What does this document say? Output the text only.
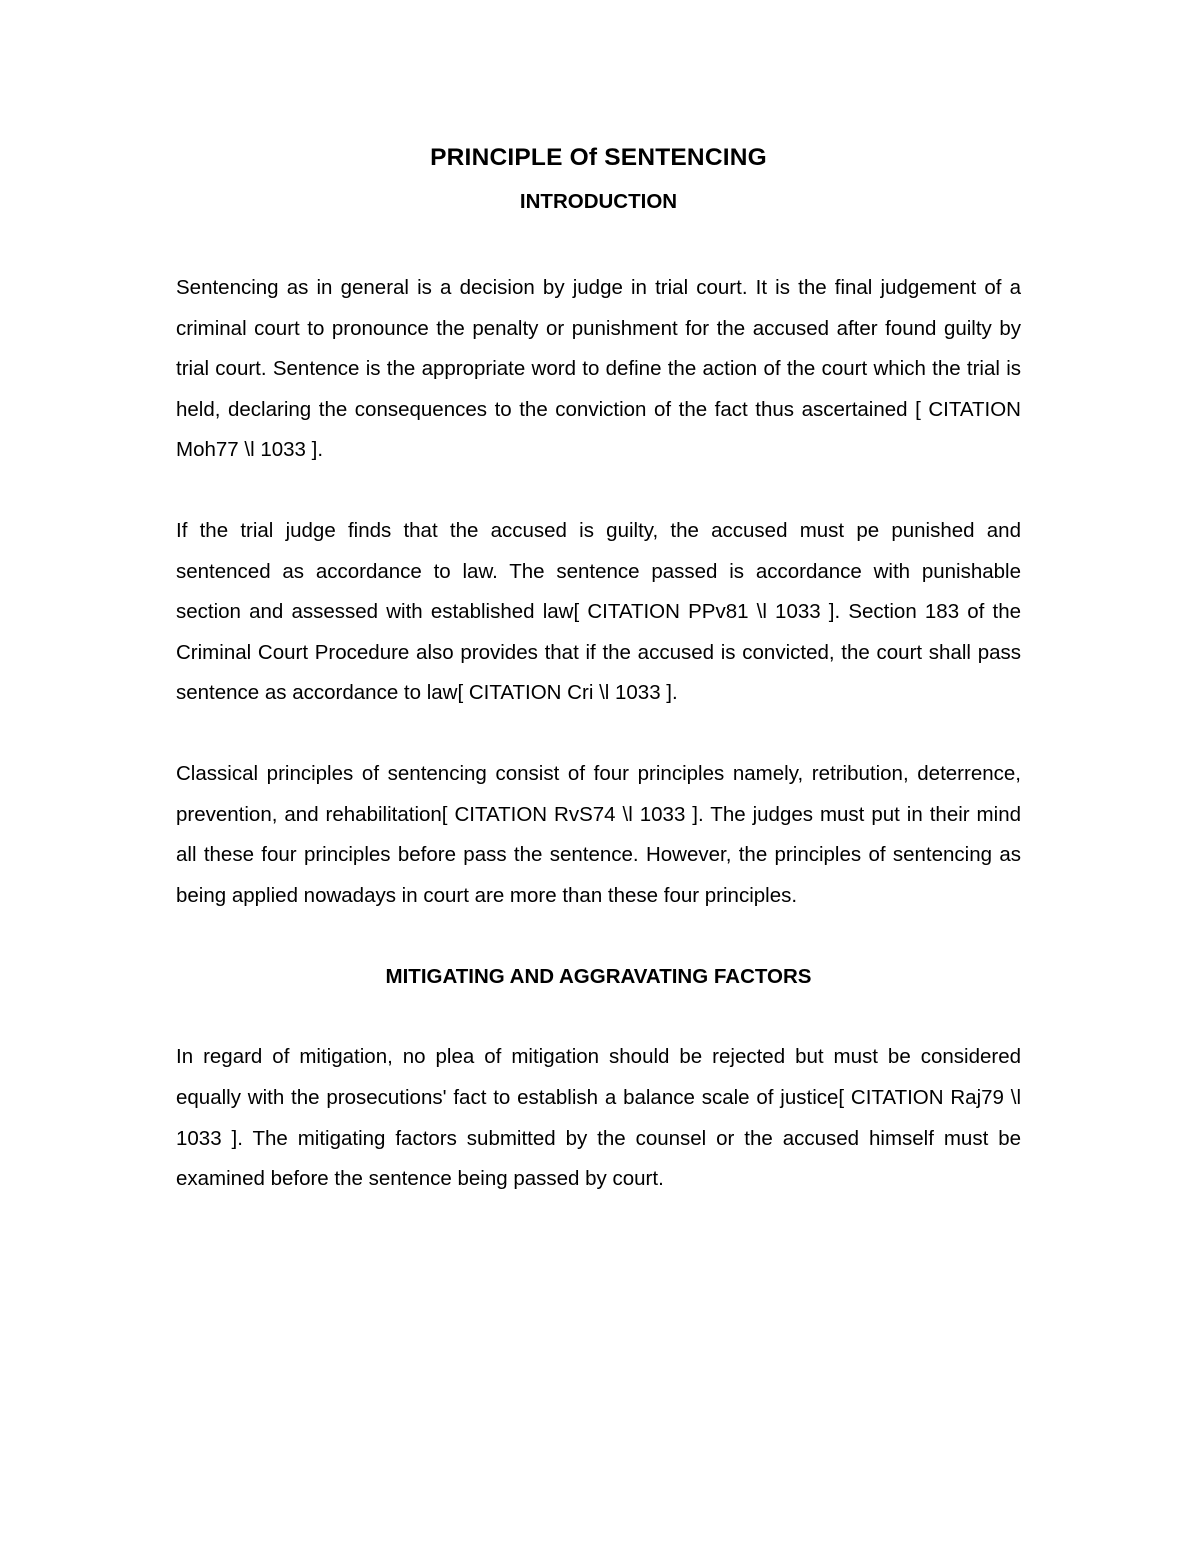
PRINCIPLE Of SENTENCING
INTRODUCTION

Sentencing as in general is a decision by judge in trial court. It is the final judgement of a criminal court to pronounce the penalty or punishment for the accused after found guilty by trial court. Sentence is the appropriate word to define the action of the court which the trial is held, declaring the consequences to the conviction of the fact thus ascertained [ CITATION Moh77 \l 1033 ].

If the trial judge finds that the accused is guilty, the accused must pe punished and sentenced as accordance to law. The sentence passed is accordance with punishable section and assessed with established law[ CITATION PPv81 \l 1033 ]. Section 183 of the Criminal Court Procedure also provides that if the accused is convicted, the court shall pass sentence as accordance to law[ CITATION Cri \l 1033 ].

Classical principles of sentencing consist of four principles namely, retribution, deterrence, prevention, and rehabilitation[ CITATION RvS74 \l 1033 ]. The judges must put in their mind all these four principles before pass the sentence. However, the principles of sentencing as being applied nowadays in court are more than these four principles.

MITIGATING AND AGGRAVATING FACTORS

In regard of mitigation, no plea of mitigation should be rejected but must be considered equally with the prosecutions' fact to establish a balance scale of justice[ CITATION Raj79 \l 1033 ]. The mitigating factors submitted by the counsel or the accused himself must be examined before the sentence being passed by court.
